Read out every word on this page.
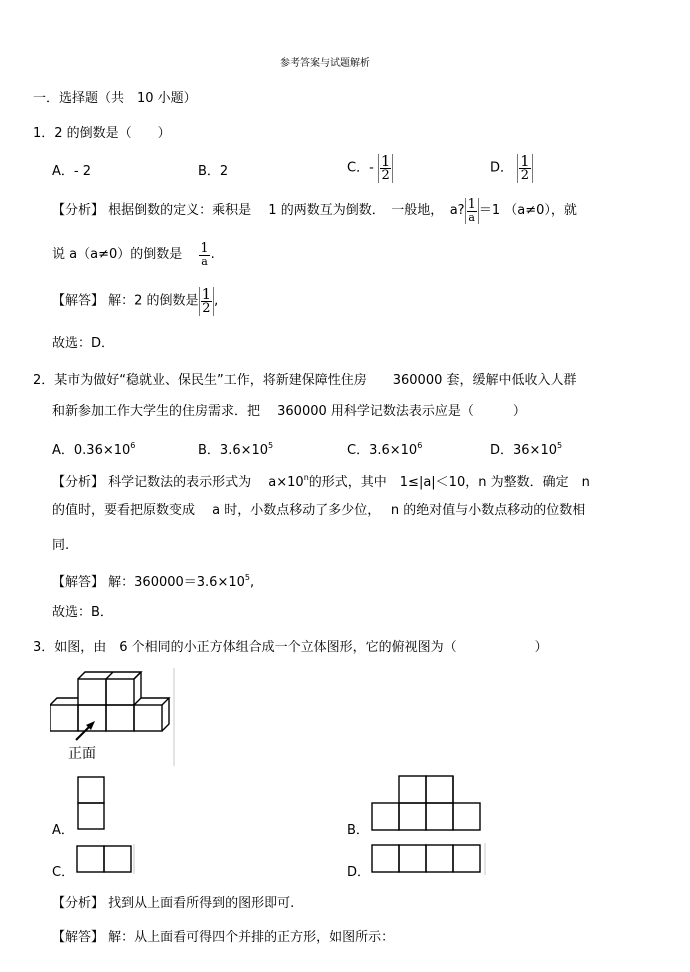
参考答案与试题解析
一．选择题（共　10 小题）
1．2 的倒数是（　　）
A．- 2	B．2	C．- $\frac{1}{2}$	D． $\frac{1}{2}$
【分析】 根据倒数的定义：乘积是　 1 的两数互为倒数．　一般地，　a? $\frac{1}{a} =1$ （a≠0），就
说 a（a≠0）的倒数是 $\frac{1}{a}$ .
【解答】 解：2 的倒数是 $\frac{1}{2}$ ,
故选：D．
2．某市为做好“稳就业、保民生”工作，将新建保障性住房　　360000 套，缓解中低收入人群
和新参加工作大学生的住房需求．把　 360000 用科学记数法表示应是（　　　）
A．$0.36\times 10^6$	B．$3.6\times 10^5$	C．$3.6\times 10^6$	D．$36\times 10^5$
【分析】 科学记数法的表示形式为　 $a\times 10^n$的形式，其中　1≤|a|＜10，n 为整数．确定　n
的值时，要看把原数变成　 a 时，小数点移动了多少位，　 n 的绝对值与小数点移动的位数相
同.
【解答】 解：$360000=3.6\times 10^5$,
故选：B．
3．如图，由　6 个相同的小正方体组合成一个立体图形，它的俯视图为（　　　　　　）
正面
A．	B．
C．	D．
【分析】 找到从上面看所得到的图形即可.
【解答】 解：从上面看可得四个并排的正方形，如图所示：
